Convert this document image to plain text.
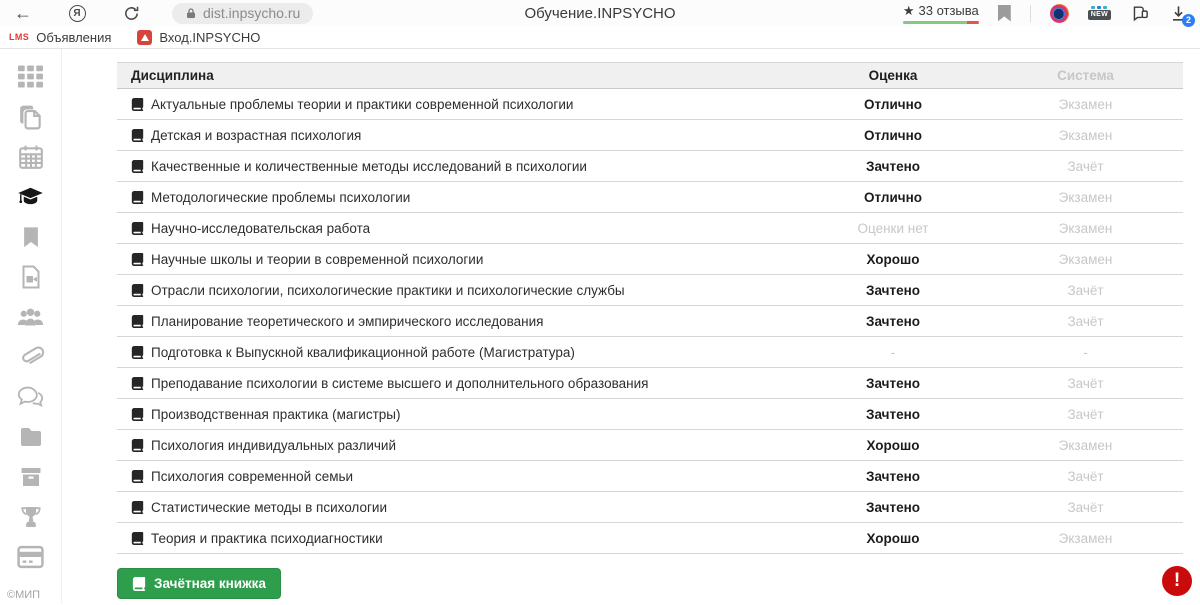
←	Я	dist.inpsycho.ru	Обучение.INPSYCHO	★ 33 отзыва	NEW
2
LMS Объявления	Вход.INPSYCHO
©МИП
Дисциплина	Оценка	Система
Актуальные проблемы теории и практики современной психологии	Отлично	Экзамен
Детская и возрастная психология	Отлично	Экзамен
Качественные и количественные методы исследований в психологии	Зачтено	Зачёт
Методологические проблемы психологии	Отлично	Экзамен
Научно-исследовательская работа	Оценки нет	Экзамен
Научные школы и теории в современной психологии	Хорошо	Экзамен
Отрасли психологии, психологические практики и психологические службы	Зачтено	Зачёт
Планирование теоретического и эмпирического исследования	Зачтено	Зачёт
Подготовка к Выпускной квалификационной работе (Магистратура)	-	-
Преподавание психологии в системе высшего и дополнительного образования	Зачтено	Зачёт
Производственная практика (магистры)	Зачтено	Зачёт
Психология индивидуальных различий	Хорошо	Экзамен
Психология современной семьи	Зачтено	Зачёт
Статистические методы в психологии	Зачтено	Зачёт
Теория и практика психодиагностики	Хорошо	Экзамен
Зачётная книжка	!
